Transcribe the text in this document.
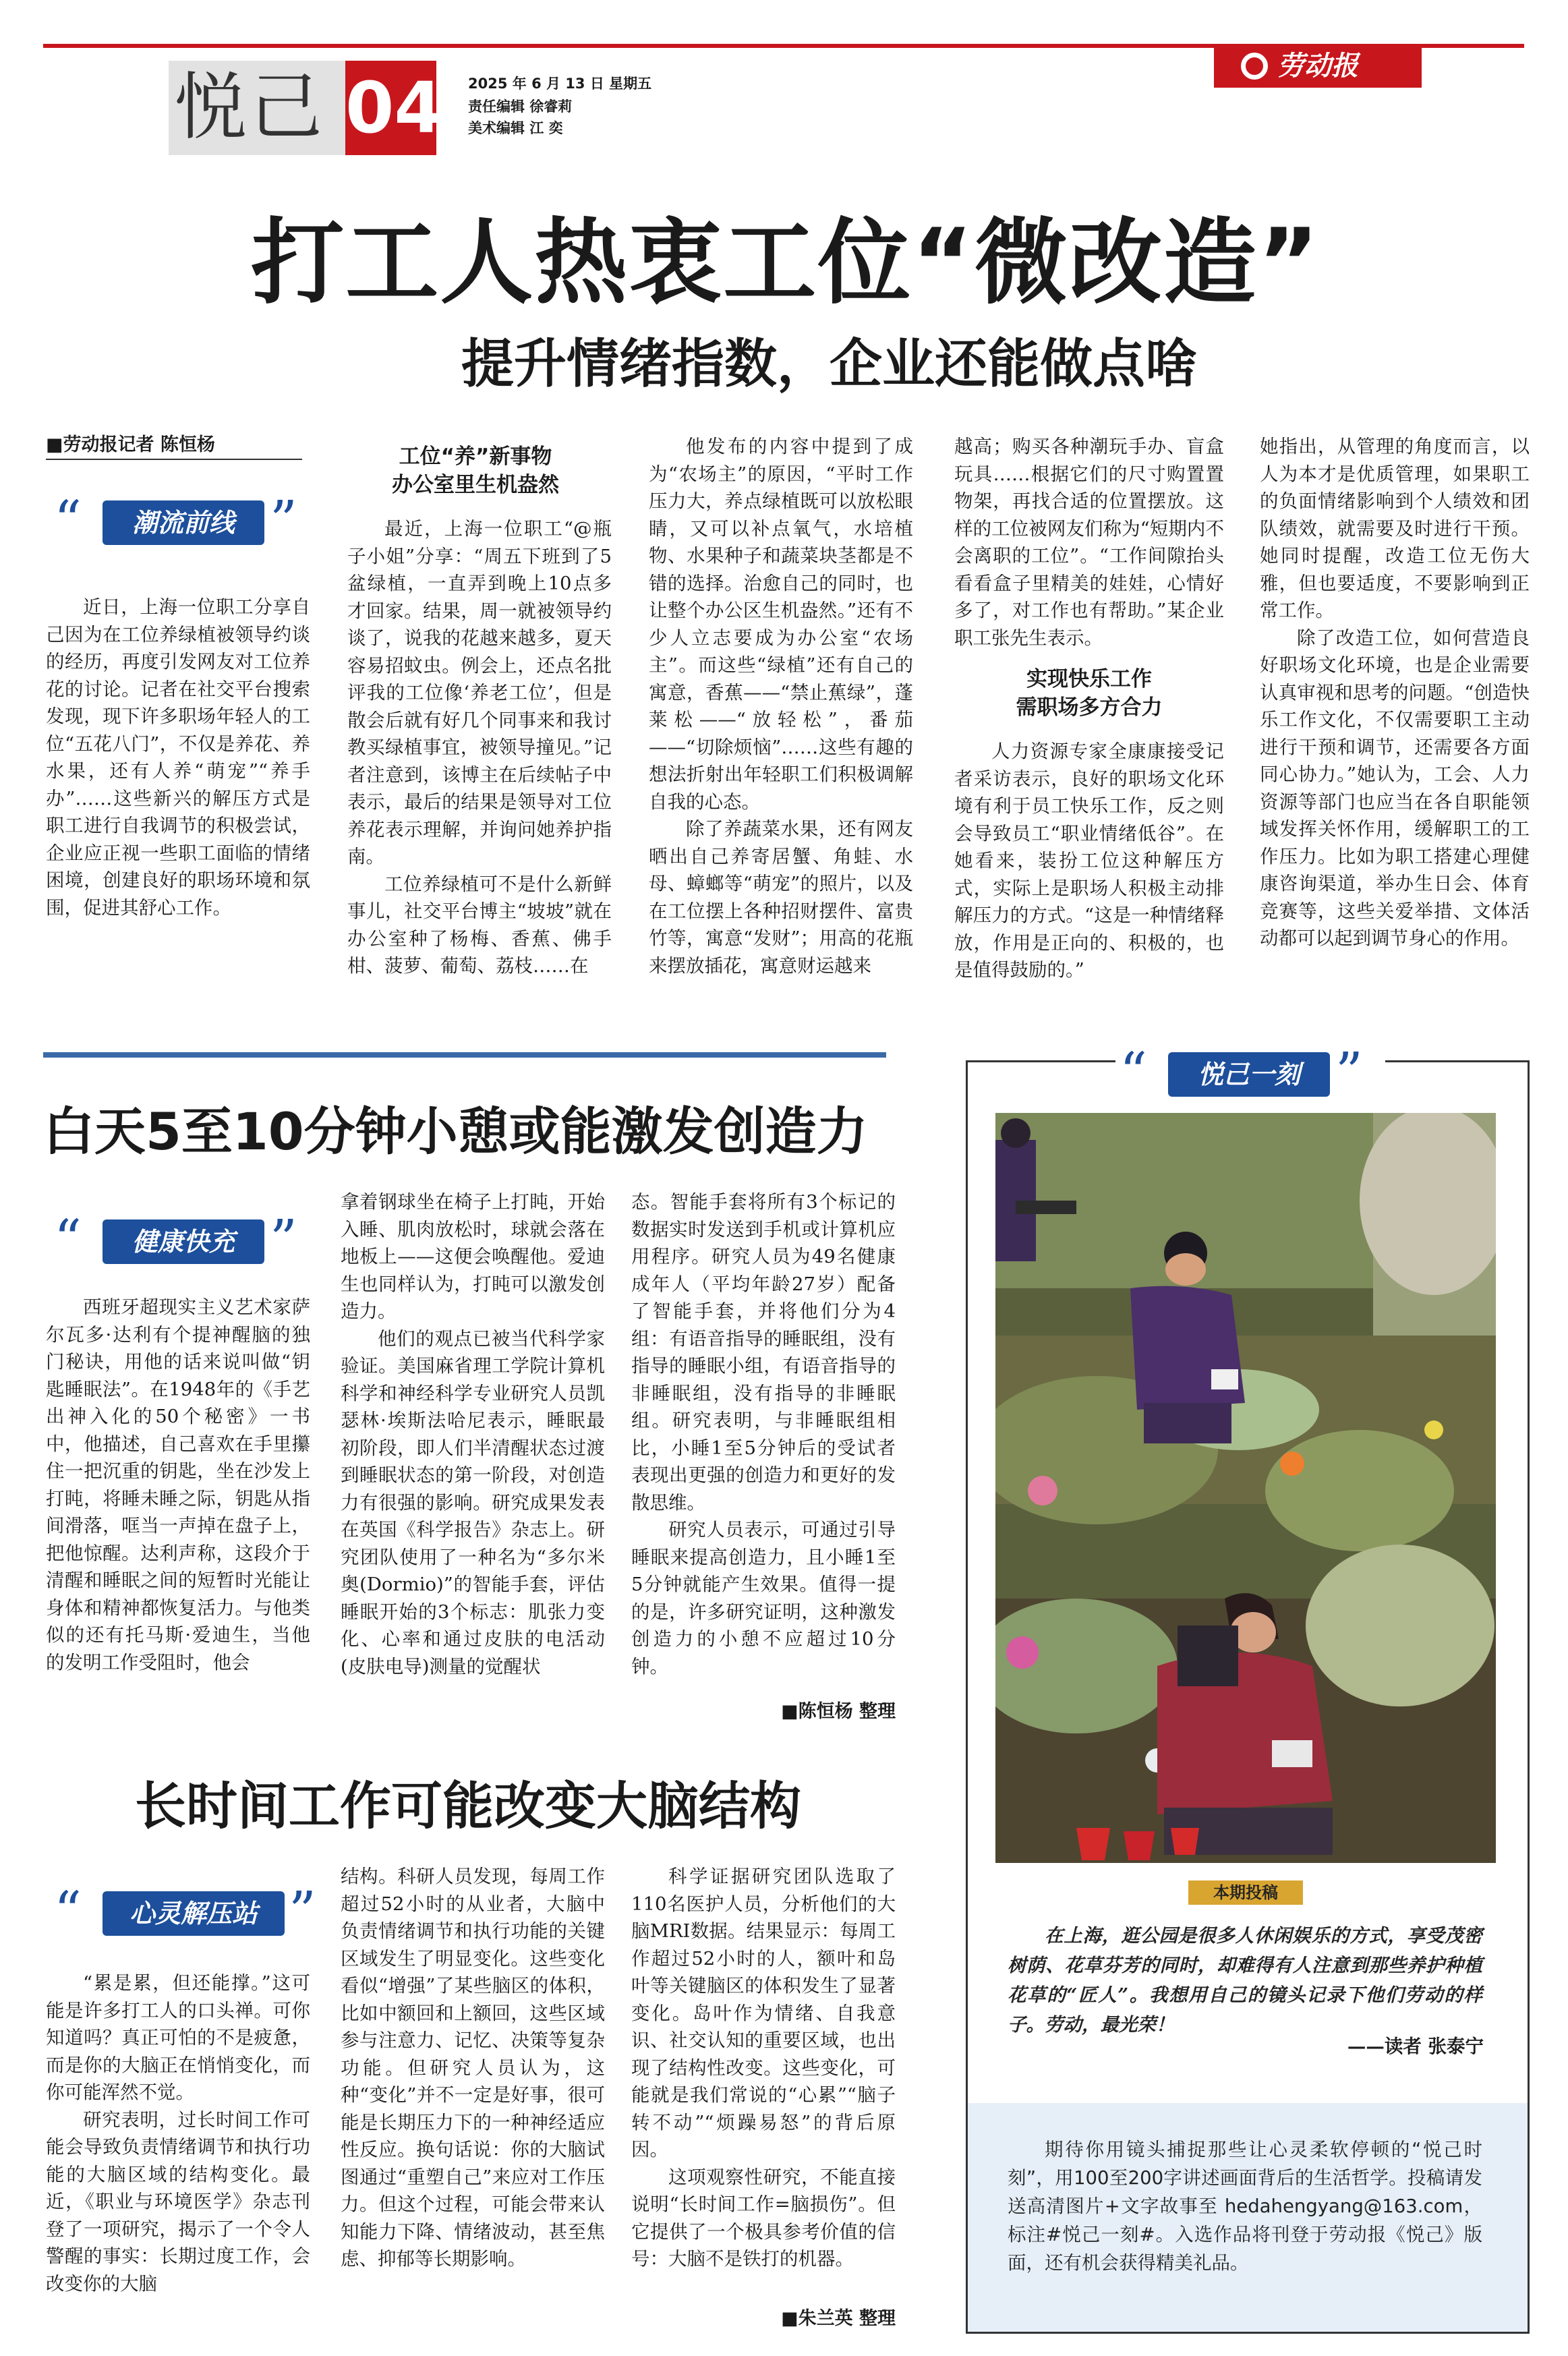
悦己 04 2025 年 6 月 13 日 星期五
责任编辑 徐睿莉
美术编辑 江 奕
劳动报
打工人热衷工位“微改造”
提升情绪指数，企业还能做点啥
■劳动报记者 陈恒杨
“	潮流前线 ”

近日，上海一位职工分享自己因为在工位养绿植被领导约谈的经历，再度引发网友对工位养花的讨论。记者在社交平台搜索发现，现下许多职场年轻人的工位“五花八门”，不仅是养花、养水果，还有人养“萌宠”“养手办”……这些新兴的解压方式是职工进行自我调节的积极尝试，企业应正视一些职工面临的情绪困境，创建良好的职场环境和氛围，促进其舒心工作。

工位“养”新事物
办公室里生机盎然

最近，上海一位职工“@瓶子小姐”分享：“周五下班到了5盆绿植，一直弄到晚上10点多才回家。结果，周一就被领导约谈了，说我的花越来越多，夏天容易招蚊虫。例会上，还点名批评我的工位像‘养老工位’，但是散会后就有好几个同事来和我讨教买绿植事宜，被领导撞见。”记者注意到，该博主在后续帖子中表示，最后的结果是领导对工位养花表示理解，并询问她养护指南。

工位养绿植可不是什么新鲜事儿，社交平台博主“坡坡”就在办公室种了杨梅、香蕉、佛手柑、菠萝、葡萄、荔枝……在

他发布的内容中提到了成为“农场主”的原因，“平时工作压力大，养点绿植既可以放松眼睛，又可以补点氧气，水培植物、水果种子和蔬菜块茎都是不错的选择。治愈自己的同时，也让整个办公区生机盎然。”还有不少人立志要成为办公室“农场主”。而这些“绿植”还有自己的寓意，香蕉——“禁止蕉绿”，蓬莱松——“放轻松”，番茄——“切除烦恼”……这些有趣的想法折射出年轻职工们积极调解自我的心态。

除了养蔬菜水果，还有网友晒出自己养寄居蟹、角蛙、水母、蟑螂等“萌宠”的照片，以及在工位摆上各种招财摆件、富贵竹等，寓意“发财”；用高的花瓶来摆放插花，寓意财运越来

越高；购买各种潮玩手办、盲盒玩具……根据它们的尺寸购置置物架，再找合适的位置摆放。这样的工位被网友们称为“短期内不会离职的工位”。“工作间隙抬头看看盒子里精美的娃娃，心情好多了，对工作也有帮助。”某企业职工张先生表示。

实现快乐工作
需职场多方合力

人力资源专家全康康接受记者采访表示，良好的职场文化环境有利于员工快乐工作，反之则会导致员工“职业情绪低谷”。在她看来，装扮工位这种解压方式，实际上是职场人积极主动排解压力的方式。“这是一种情绪释放，作用是正向的、积极的，也是值得鼓励的。”

她指出，从管理的角度而言，以人为本才是优质管理，如果职工的负面情绪影响到个人绩效和团队绩效，就需要及时进行干预。她同时提醒，改造工位无伤大雅，但也要适度，不要影响到正常工作。

除了改造工位，如何营造良好职场文化环境，也是企业需要认真审视和思考的问题。“创造快乐工作文化，不仅需要职工主动进行干预和调节，还需要各方面同心协力。”她认为，工会、人力资源等部门也应当在各自职能领域发挥关怀作用，缓解职工的工作压力。比如为职工搭建心理健康咨询渠道，举办生日会、体育竞赛等，这些关爱举措、文体活动都可以起到调节身心的作用。

白天5至10分钟小憩或能激发创造力
“	健康快充 ”

西班牙超现实主义艺术家萨尔瓦多·达利有个提神醒脑的独门秘诀，用他的话来说叫做“钥匙睡眠法”。在1948年的《手艺出神入化的50个秘密》一书中，他描述，自己喜欢在手里攥住一把沉重的钥匙，坐在沙发上打盹，将睡未睡之际，钥匙从指间滑落，哐当一声掉在盘子上，把他惊醒。达利声称，这段介于清醒和睡眠之间的短暂时光能让身体和精神都恢复活力。与他类似的还有托马斯·爱迪生，当他的发明工作受阻时，他会

拿着钢球坐在椅子上打盹，开始入睡、肌肉放松时，球就会落在地板上——这便会唤醒他。爱迪生也同样认为，打盹可以激发创造力。

他们的观点已被当代科学家验证。美国麻省理工学院计算机科学和神经科学专业研究人员凯瑟林·埃斯法哈尼表示，睡眠最初阶段，即人们半清醒状态过渡到睡眠状态的第一阶段，对创造力有很强的影响。研究成果发表在英国《科学报告》杂志上。研究团队使用了一种名为“多尔米奥(Dormio)”的智能手套，评估睡眠开始的3个标志：肌张力变化、心率和通过皮肤的电活动(皮肤电导)测量的觉醒状

态。智能手套将所有3个标记的数据实时发送到手机或计算机应用程序。研究人员为49名健康成年人（平均年龄27岁）配备了智能手套，并将他们分为4组：有语音指导的睡眠组，没有指导的睡眠小组，有语音指导的非睡眠组，没有指导的非睡眠组。研究表明，与非睡眠组相比，小睡1至5分钟后的受试者表现出更强的创造力和更好的发散思维。

研究人员表示，可通过引导睡眠来提高创造力，且小睡1至5分钟就能产生效果。值得一提的是，许多研究证明，这种激发创造力的小憩不应超过10分钟。

■陈恒杨 整理
长时间工作可能改变大脑结构
“	心灵解压站 ”

“累是累，但还能撑。”这可能是许多打工人的口头禅。可你知道吗？真正可怕的不是疲惫，而是你的大脑正在悄悄变化，而你可能浑然不觉。

研究表明，过长时间工作可能会导致负责情绪调节和执行功能的大脑区域的结构变化。最近，《职业与环境医学》杂志刊登了一项研究，揭示了一个令人警醒的事实：长期过度工作，会改变你的大脑

结构。科研人员发现，每周工作超过52小时的从业者，大脑中负责情绪调节和执行功能的关键区域发生了明显变化。这些变化看似“增强”了某些脑区的体积，比如中额回和上额回，这些区域参与注意力、记忆、决策等复杂功能。但研究人员认为，这种“变化”并不一定是好事，很可能是长期压力下的一种神经适应性反应。换句话说：你的大脑试图通过“重塑自己”来应对工作压力。但这个过程，可能会带来认知能力下降、情绪波动，甚至焦虑、抑郁等长期影响。

科学证据研究团队选取了110名医护人员，分析他们的大脑MRI数据。结果显示：每周工作超过52小时的人，额叶和岛叶等关键脑区的体积发生了显著变化。岛叶作为情绪、自我意识、社交认知的重要区域，也出现了结构性改变。这些变化，可能就是我们常说的“心累”“脑子转不动”“烦躁易怒”的背后原因。

这项观察性研究，不能直接说明“长时间工作=脑损伤”。但它提供了一个极具参考价值的信号：大脑不是铁打的机器。

■朱兰英 整理
“	悦己一刻 ”
本期投稿
在上海，逛公园是很多人休闲娱乐的方式，享受茂密树荫、花草芬芳的同时，却难得有人注意到那些养护种植花草的“匠人”。我想用自己的镜头记录下他们劳动的样子。劳动，最光荣！
——读者 张泰宁
期待你用镜头捕捉那些让心灵柔软停顿的“悦己时刻”，用100至200字讲述画面背后的生活哲学。投稿请发送高清图片+文字故事至 hedahengyang@163.com，标注#悦己一刻#。入选作品将刊登于劳动报《悦己》版面，还有机会获得精美礼品。
